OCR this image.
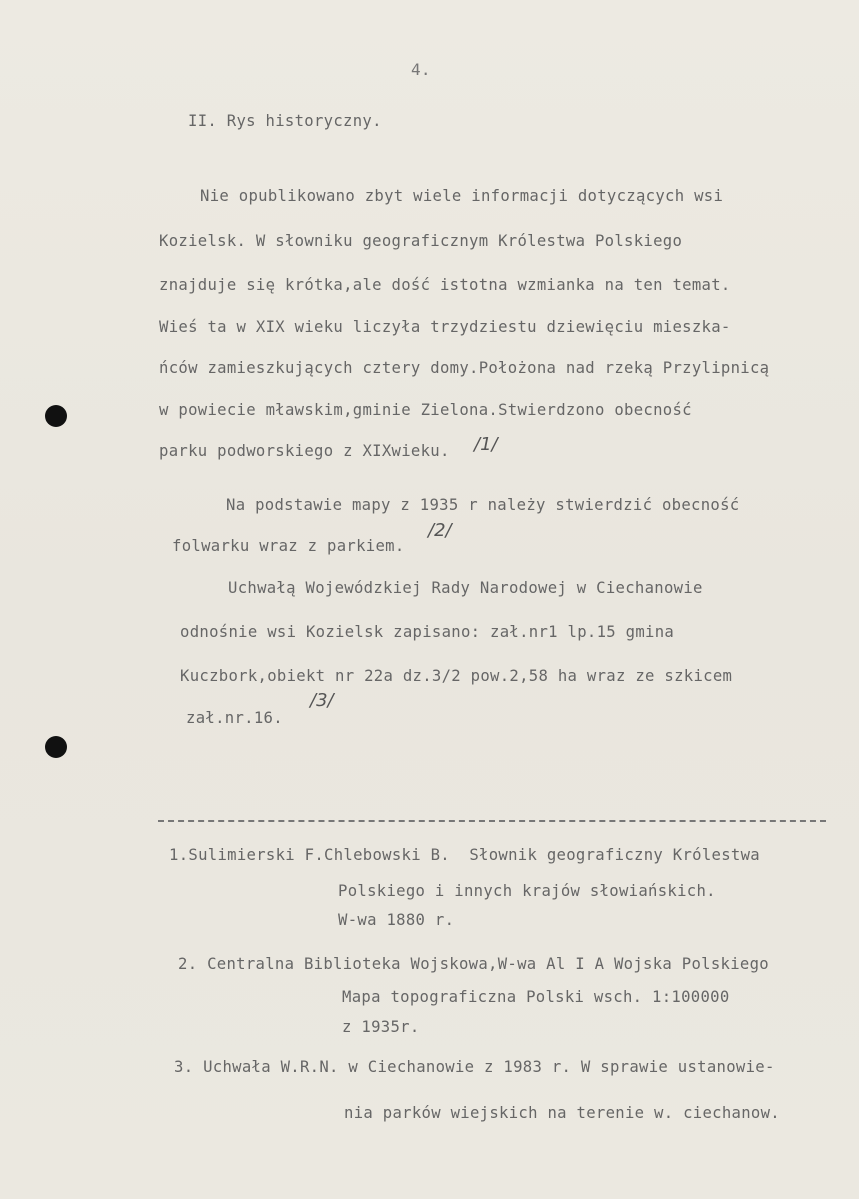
4.
II. Rys historyczny.
Nie opublikowano zbyt wiele informacji dotyczących wsi
Kozielsk. W słowniku geograficznym Królestwa Polskiego
znajduje się krótka,ale dość istotna wzmianka na ten temat.
Wieś ta w XIX wieku liczyła trzydziestu dziewięciu mieszka-
ńców zamieszkujących cztery domy.Położona nad rzeką Przylipnicą
w powiecie mławskim,gminie Zielona.Stwierdzono obecność
parku podworskiego z XIXwieku. /1/
Na podstawie mapy z 1935 r należy stwierdzić obecność
folwarku wraz z parkiem.
/2/
Uchwałą Wojewódzkiej Rady Narodowej w Ciechanowie
odnośnie wsi Kozielsk zapisano: zał.nr1 lp.15 gmina
Kuczbork,obiekt nr 22a dz.3/2 pow.2,58 ha wraz ze szkicem
zał.nr.16.
/3/
1.Sulimierski F.Chlebowski B.  Słownik geograficzny Królestwa
Polskiego i innych krajów słowiańskich.
W-wa 1880 r.
2. Centralna Biblioteka Wojskowa,W-wa Al I A Wojska Polskiego
Mapa topograficzna Polski wsch. 1:100000
z 1935r.
3. Uchwała W.R.N. w Ciechanowie z 1983 r. W sprawie ustanowie-
nia parków wiejskich na terenie w. ciechanow.
